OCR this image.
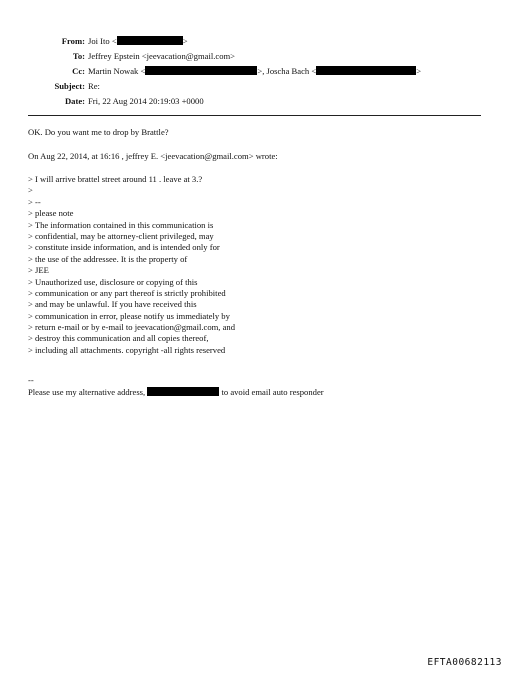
From: Joi Ito <	>
To: Jeffrey Epstein <jeevacation@gmail.com>
Cc: Martin Nowak <	>, Joscha Bach <	>
Subject: Re:
Date: Fri, 22 Aug 2014 20:19:03 +0000
OK. Do you want me to drop by Brattle?
On Aug 22, 2014, at 16:16 , jeffrey E. <jeevacation@gmail.com> wrote:
> I will arrive brattel street around 11 . leave at 3.?
>
> --
> please note
> The information contained in this communication is
> confidential, may be attorney-client privileged, may
> constitute inside information, and is intended only for
> the use of the addressee. It is the property of
> JEE
> Unauthorized use, disclosure or copying of this
> communication or any part thereof is strictly prohibited
> and may be unlawful. If you have received this
> communication in error, please notify us immediately by
> return e-mail or by e-mail to jeevacation@gmail.com, and
> destroy this communication and all copies thereof,
> including all attachments. copyright -all rights reserved
--
Please use my alternative address,	to avoid email auto responder
EFTA00682113
